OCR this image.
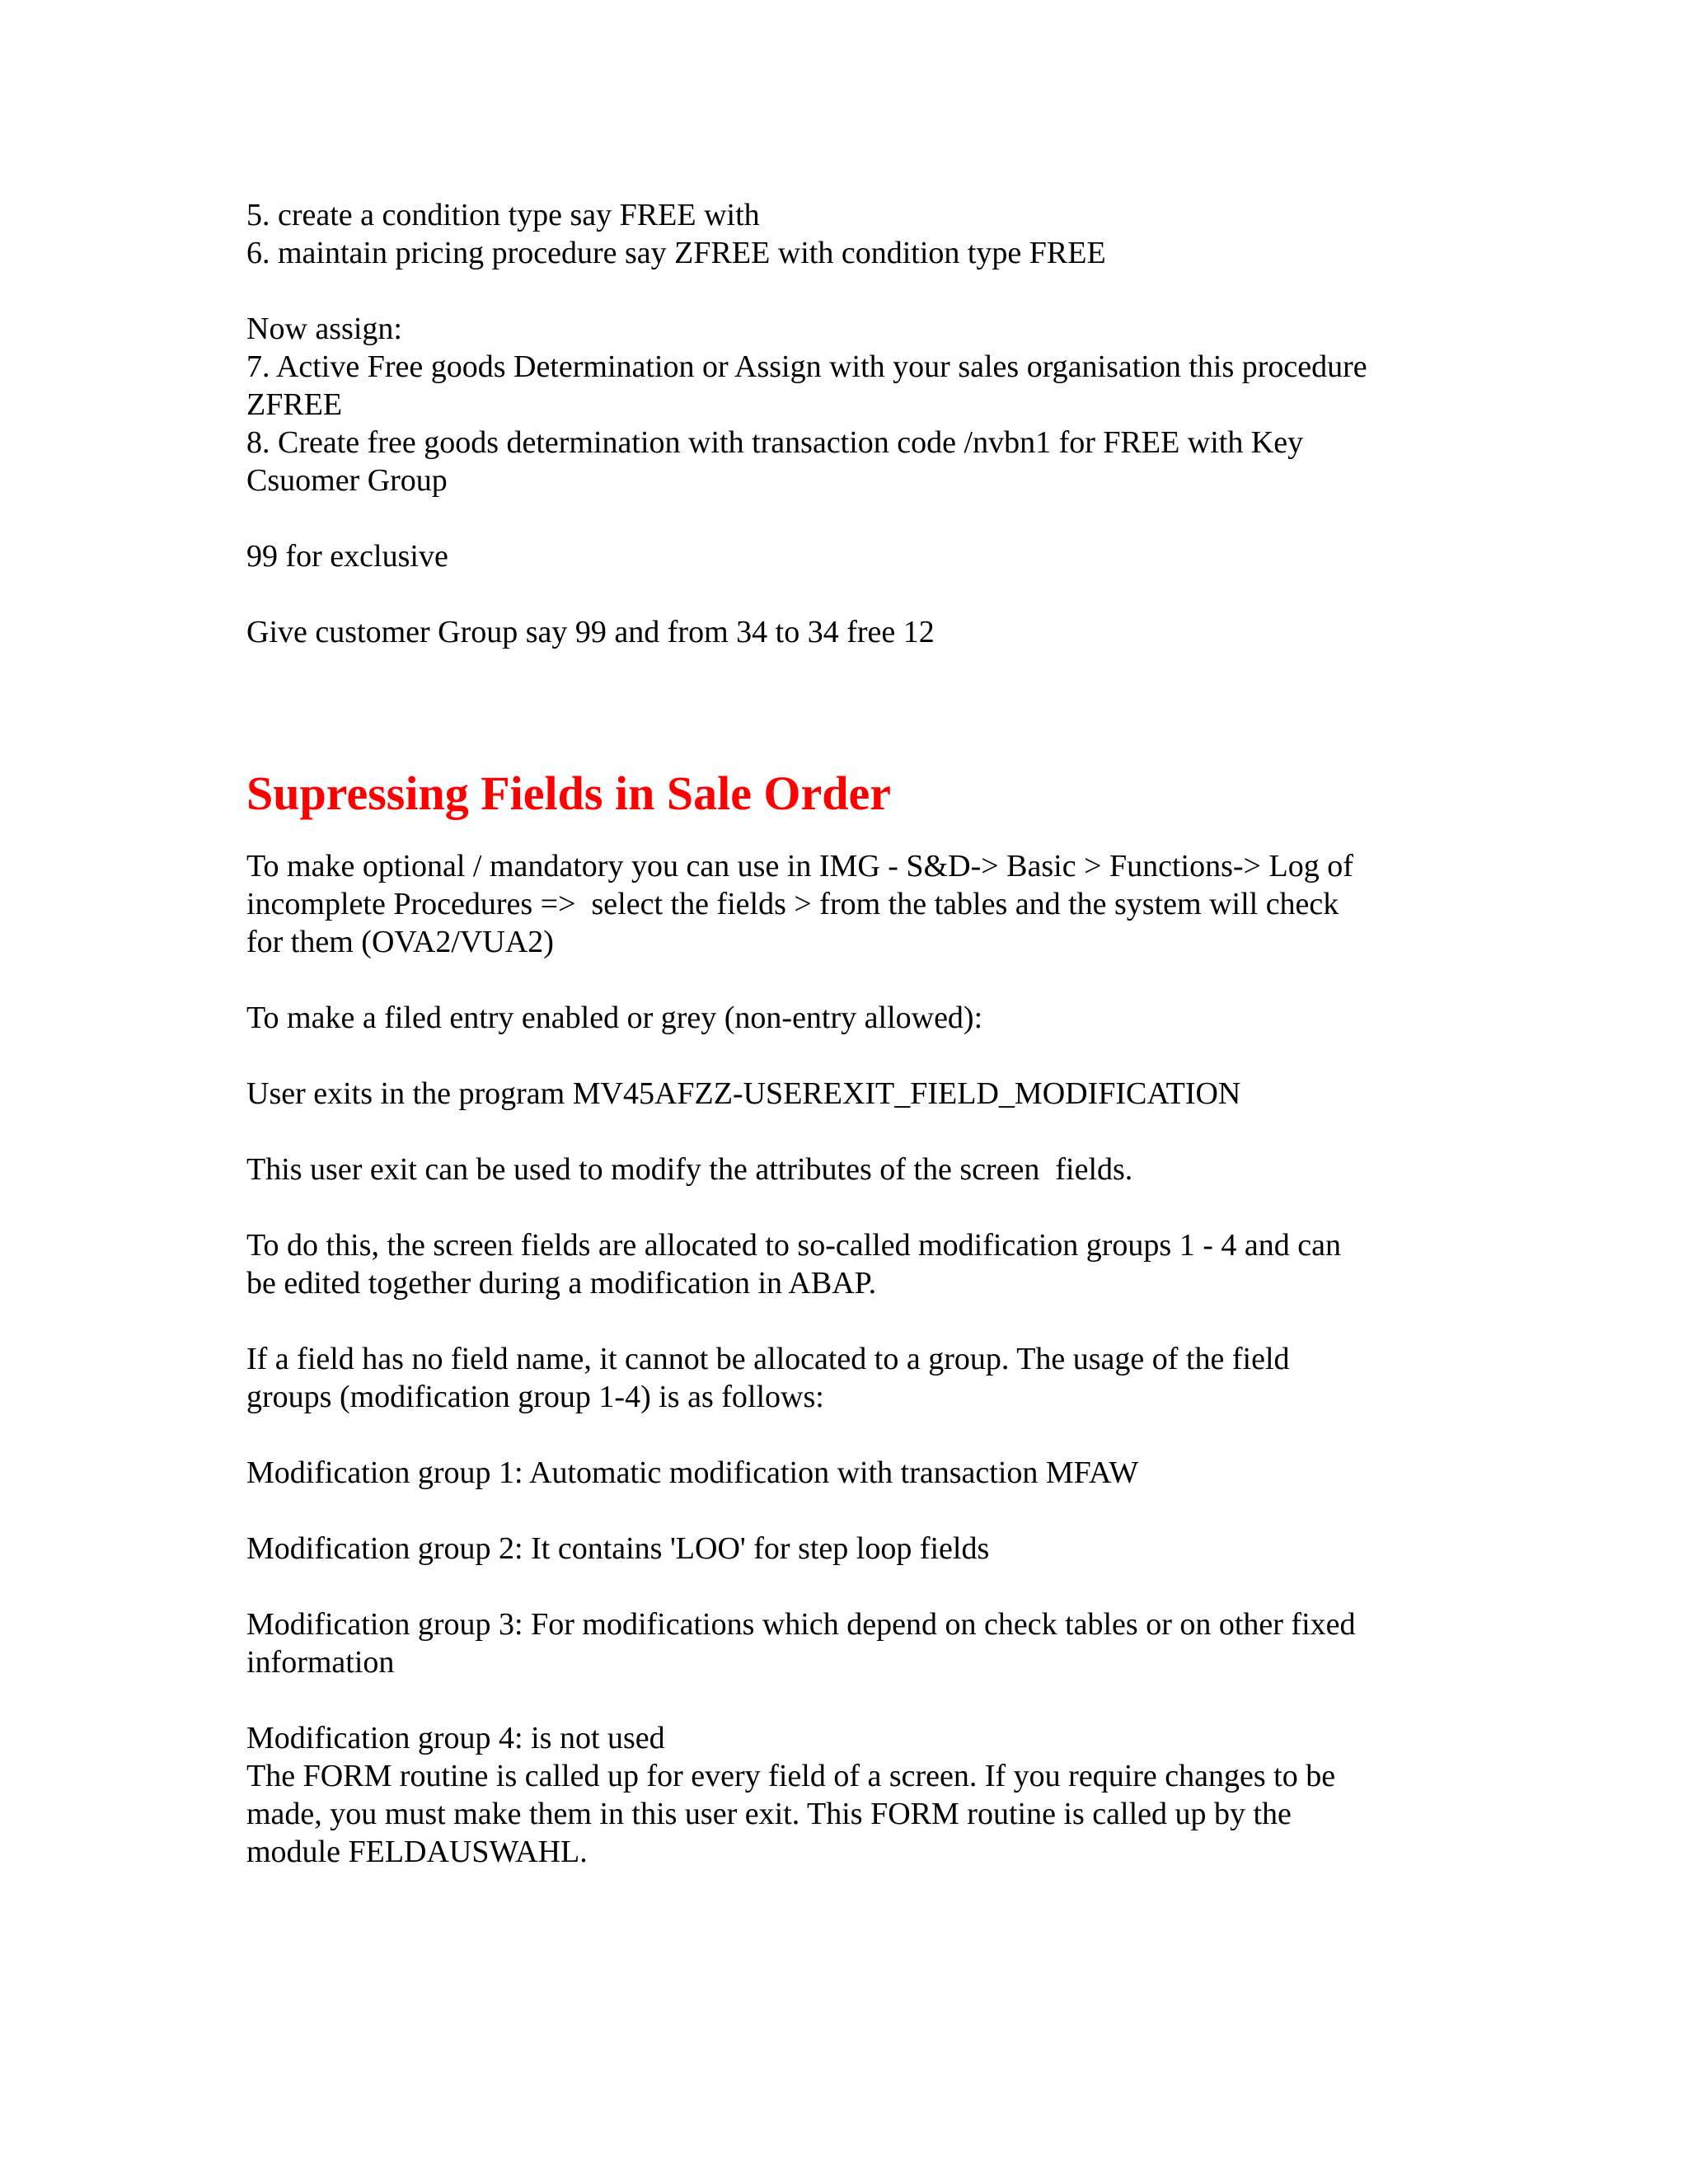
5. create a condition type say FREE with
6. maintain pricing procedure say ZFREE with condition type FREE

Now assign:
7. Active Free goods Determination or Assign with your sales organisation this procedure
ZFREE
8. Create free goods determination with transaction code /nvbn1 for FREE with Key
Csuomer Group

99 for exclusive

Give customer Group say 99 and from 34 to 34 free 12

Supressing Fields in Sale Order

To make optional / mandatory you can use in IMG - S&D-> Basic > Functions-> Log of
incomplete Procedures =>  select the fields > from the tables and the system will check
for them (OVA2/VUA2)

To make a filed entry enabled or grey (non-entry allowed):

User exits in the program MV45AFZZ-USEREXIT_FIELD_MODIFICATION

This user exit can be used to modify the attributes of the screen  fields.

To do this, the screen fields are allocated to so-called modification groups 1 - 4 and can
be edited together during a modification in ABAP.

If a field has no field name, it cannot be allocated to a group. The usage of the field
groups (modification group 1-4) is as follows:

Modification group 1: Automatic modification with transaction MFAW

Modification group 2: It contains 'LOO' for step loop fields

Modification group 3: For modifications which depend on check tables or on other fixed
information

Modification group 4: is not used
The FORM routine is called up for every field of a screen. If you require changes to be
made, you must make them in this user exit. This FORM routine is called up by the
module FELDAUSWAHL.
